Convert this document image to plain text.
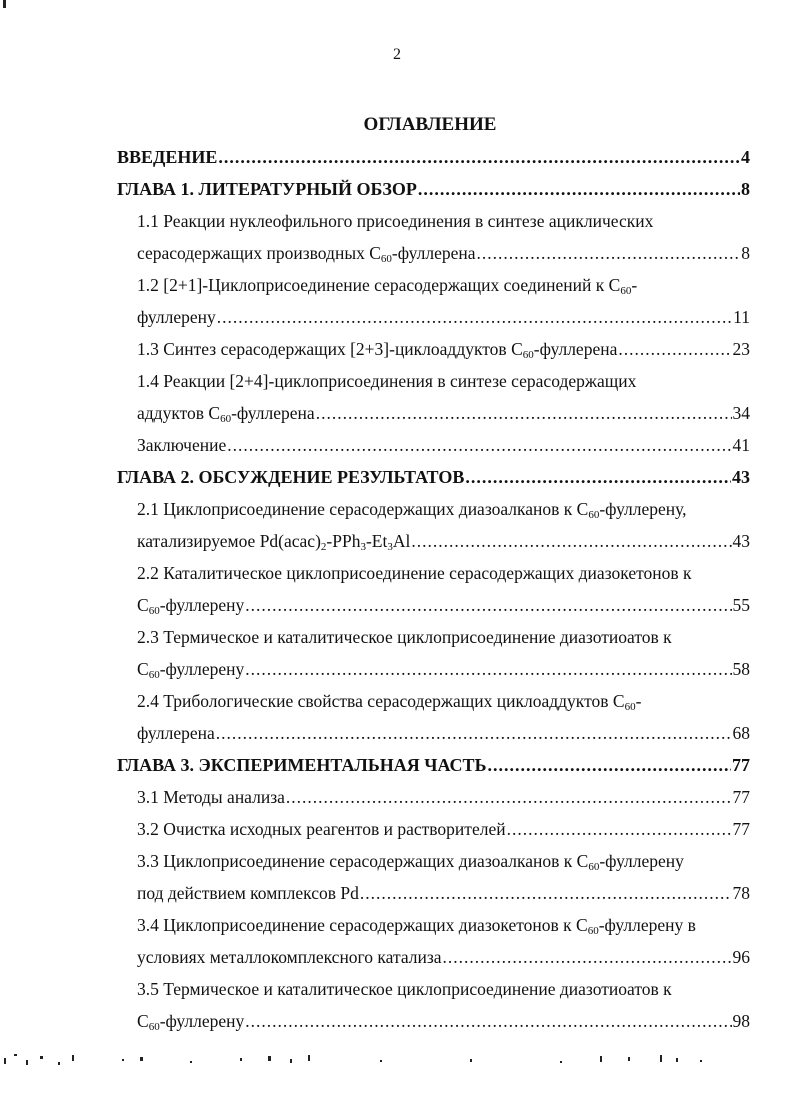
2
ОГЛАВЛЕНИЕ
ВВЕДЕНИЕ .....	4
ГЛАВА 1. ЛИТЕРАТУРНЫЙ ОБЗОР .....	8
1.1 Реакции нуклеофильного присоединения в синтезе ациклических
серасодержащих производных $C_{60}$-фуллерена .....	8
1.2 [2+1]-Циклоприсоединение серасодержащих соединений к $C_{60}-$
фуллерену .....	11
1.3 Синтез серасодержащих [2+3]-циклоаддуктов $C_{60}$-фуллерена .....	23
1.4 Реакции [2+4]-циклоприсоединения в синтезе серасодержащих
аддуктов $C_{60}$-фуллерена .....	34
Заключение .....	41
ГЛАВА 2. ОБСУЖДЕНИЕ РЕЗУЛЬТАТОВ .....	43
2.1 Циклоприсоединение серасодержащих диазоалканов к $C_{60}$-фуллерену,
катализируемое $Pd(acac)_2-PPh_3-Et_3Al$ .....	43
2.2 Каталитическое циклоприсоединение серасодержащих диазокетонов к
$C_{60}$-фуллерену .....	55
2.3 Термическое и каталитическое циклоприсоединение диазотиоатов к
$C_{60}$-фуллерену .....	58
2.4 Трибологические свойства серасодержащих циклоаддуктов $C_{60}-$
фуллерена .....	68
ГЛАВА 3. ЭКСПЕРИМЕНТАЛЬНАЯ ЧАСТЬ .....	77
3.1 Методы анализа .....	77
3.2 Очистка исходных реагентов и растворителей .....	77
3.3 Циклоприсоединение серасодержащих диазоалканов к $C_{60}$-фуллерену
под действием комплексов Pd .....	78
3.4 Циклоприсоединение серасодержащих диазокетонов к $C_{60}$-фуллерену в
условиях металлокомплексного катализа .....	96
3.5 Термическое и каталитическое циклоприсоединение диазотиоатов к
$C_{60}$-фуллерену .....	98
